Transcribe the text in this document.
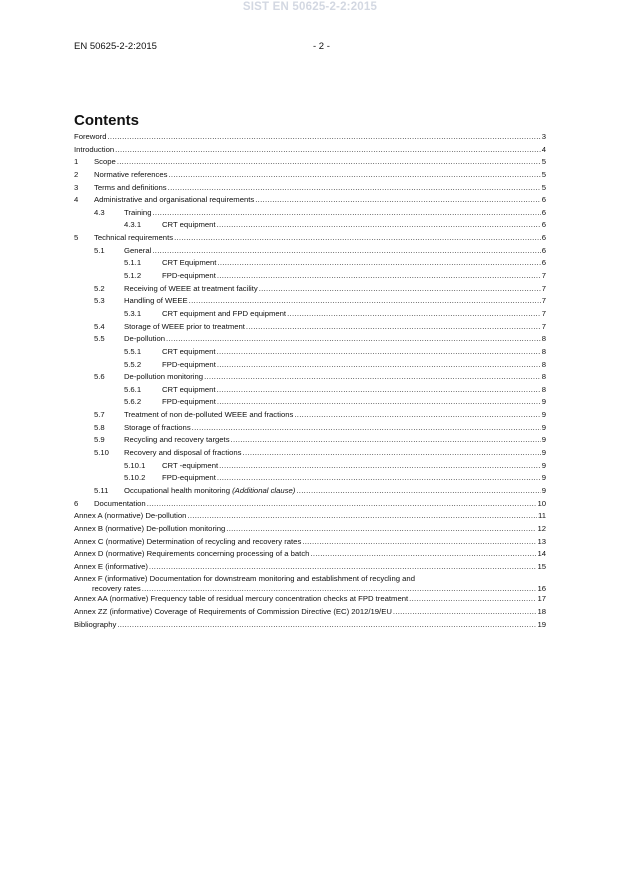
SIST EN 50625-2-2:2015
EN 50625-2-2:2015	- 2 -
Contents
Foreword .....	3
Introduction .....	4
1	Scope .....	5
2	Normative references .....	5
3	Terms and definitions .....	5
4	Administrative and organisational requirements .....	6
4.3	Training .....	6
4.3.1	CRT equipment .....	6
5	Technical requirements .....	6
5.1	General .....	6
5.1.1	CRT Equipment .....	6
5.1.2	FPD-equipment .....	7
5.2	Receiving of WEEE at treatment facility .....	7
5.3	Handling of WEEE .....	7
5.3.1	CRT equipment and FPD equipment .....	7
5.4	Storage of WEEE prior to treatment .....	7
5.5	De-pollution .....	8
5.5.1	CRT equipment .....	8
5.5.2	FPD-equipment .....	8
5.6	De-pollution monitoring .....	8
5.6.1	CRT equipment .....	8
5.6.2	FPD-equipment .....	9
5.7	Treatment of non de-polluted WEEE and fractions .....	9
5.8	Storage of fractions .....	9
5.9	Recycling and recovery targets .....	9
5.10	Recovery and disposal of fractions .....	9
5.10.1	CRT -equipment .....	9
5.10.2	FPD-equipment .....	9
5.11	Occupational health monitoring (Additional clause) .....	9
6	Documentation .....	10
Annex A (normative) De-pollution .....	11
Annex B (normative) De-pollution monitoring .....	12
Annex C (normative) Determination of recycling and recovery rates .....	13
Annex D (normative) Requirements concerning processing of a batch .....	14
Annex E (informative) .....	15
Annex F (informative) Documentation for downstream monitoring and establishment of recycling and
recovery rates .....	16
Annex AA (normative) Frequency table of residual mercury concentration checks at FPD treatment .....	17
Annex ZZ (informative) Coverage of Requirements of Commission Directive (EC) 2012/19/EU .....	18
Bibliography .....	19
